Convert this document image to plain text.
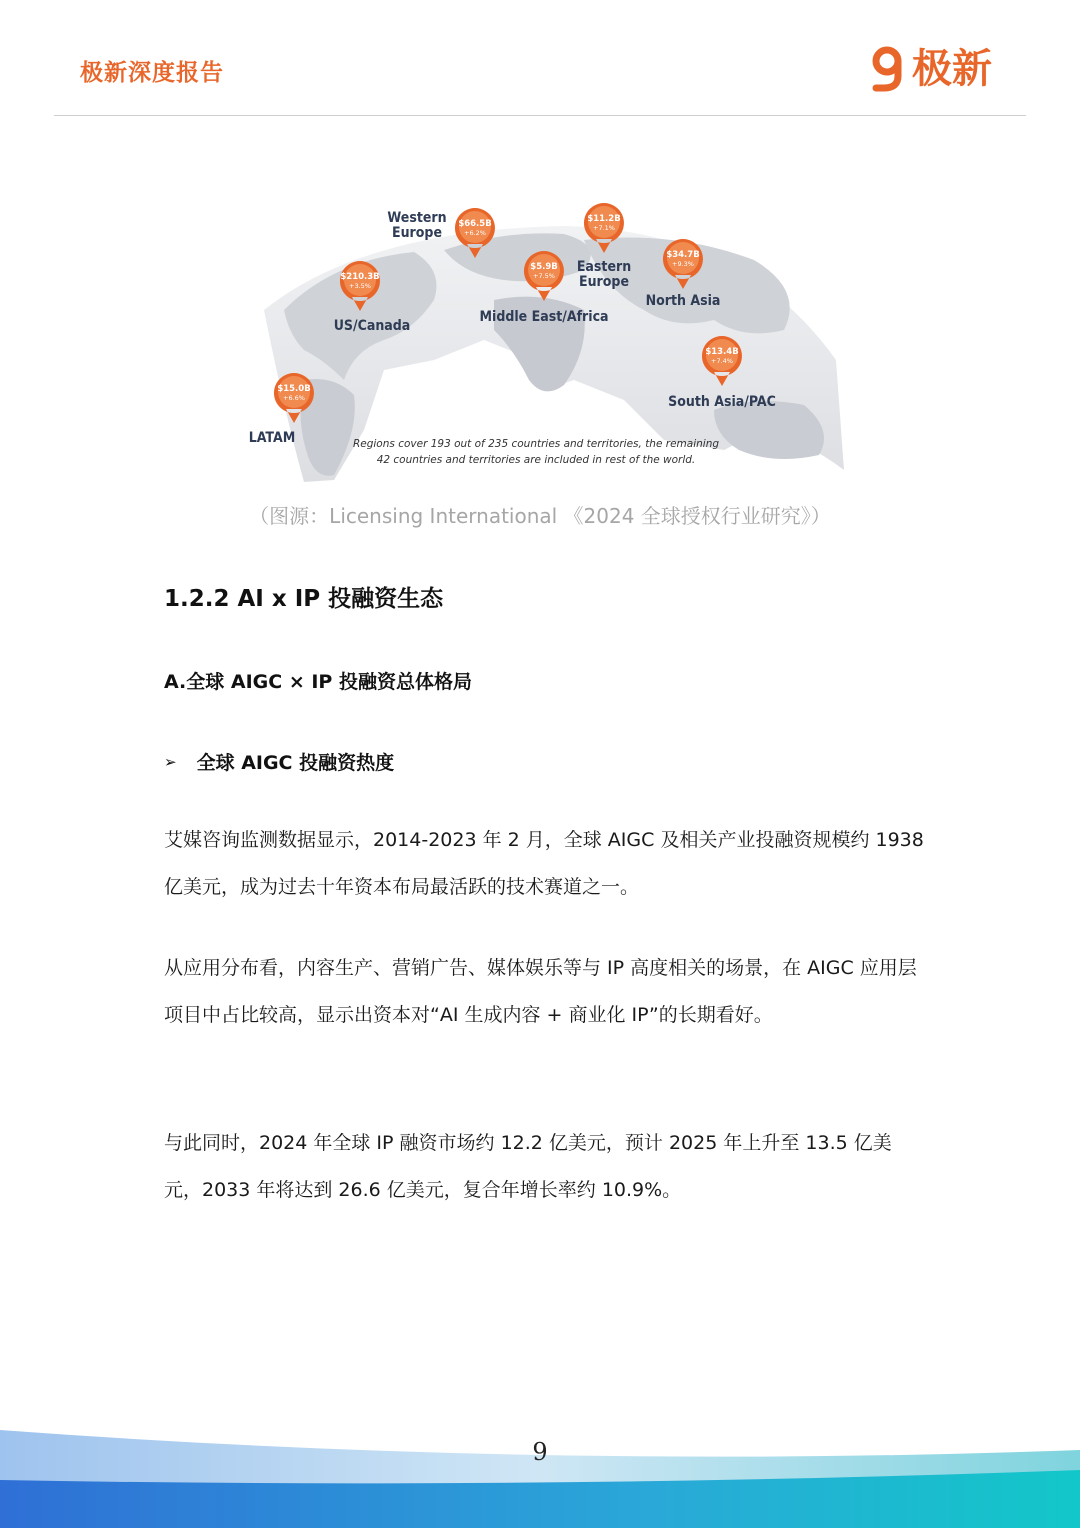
极新深度报告	极新
$66.5B
+6.2%
$11.2B
+7.1%
$210.3B
+3.5%
$5.9B
+7.5%
$34.7B
+9.3%
$13.4B
+7.4%
$15.0B
+6.6%
Western
Europe
Eastern
Europe
US/Canada
Middle East/Africa
North Asia
South Asia/PAC
LATAM	Regions cover 193 out of 235 countries and territories, the remaining
42 countries and territories are included in rest of the world.
（图源：Licensing International 《2024 全球授权行业研究》）
1.2.2 AI x IP 投融资生态
A.全球 AIGC × IP 投融资总体格局
➢ 全球 AIGC 投融资热度

艾媒咨询监测数据显示，2014-2023 年 2 月，全球 AIGC 及相关产业投融资规模约 1938 亿美元，成为过去十年资本布局最活跃的技术赛道之一。

从应用分布看，内容生产、营销广告、媒体娱乐等与 IP 高度相关的场景，在 AIGC 应用层项目中占比较高，显示出资本对“AI 生成内容 + 商业化 IP”的长期看好。

与此同时，2024 年全球 IP 融资市场约 12.2 亿美元，预计 2025 年上升至 13.5 亿美元，2033 年将达到 26.6 亿美元，复合年增长率约 10.9%。

9
